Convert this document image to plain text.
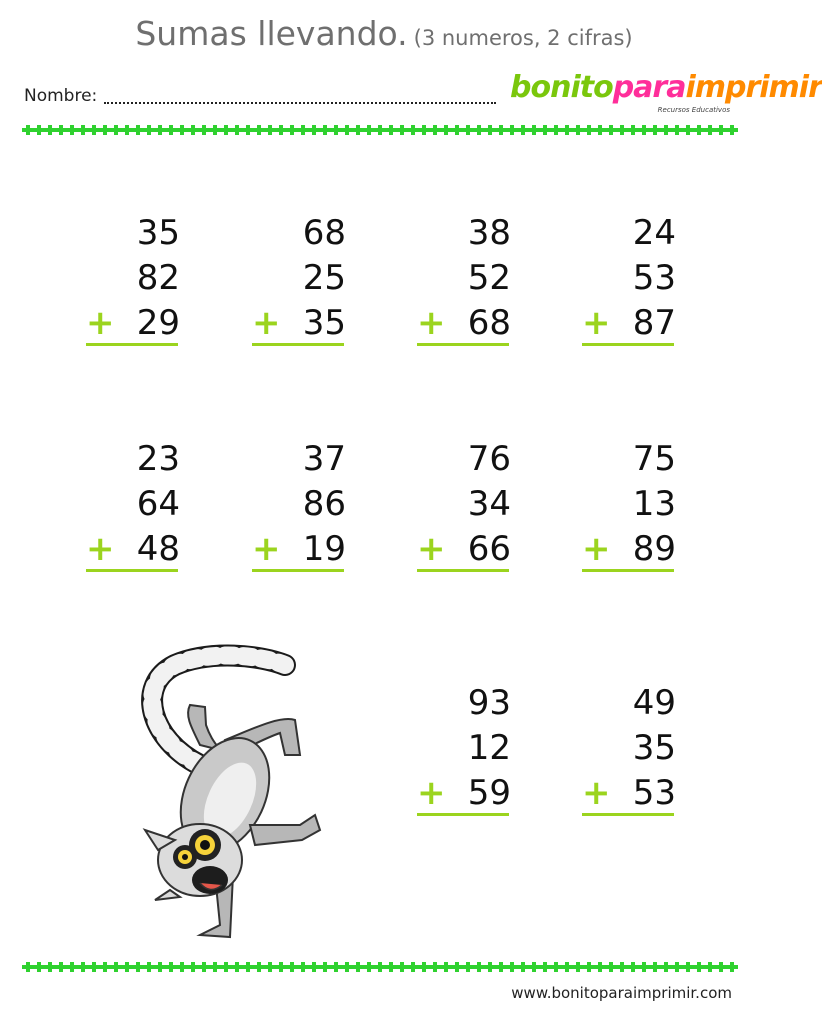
Sumas llevando. (3 numeros, 2 cifras)
Nombre:	bonitoparaimprimir
Recursos Educativos
35
82
29
+
68
25
35
+
38
52
68
+
24
53
87
+
23
64
48
+
37
86
19
+
76
34
66
+
75
13
89
+
93
12
59
+
49
35
53
+
www.bonitoparaimprimir.com
